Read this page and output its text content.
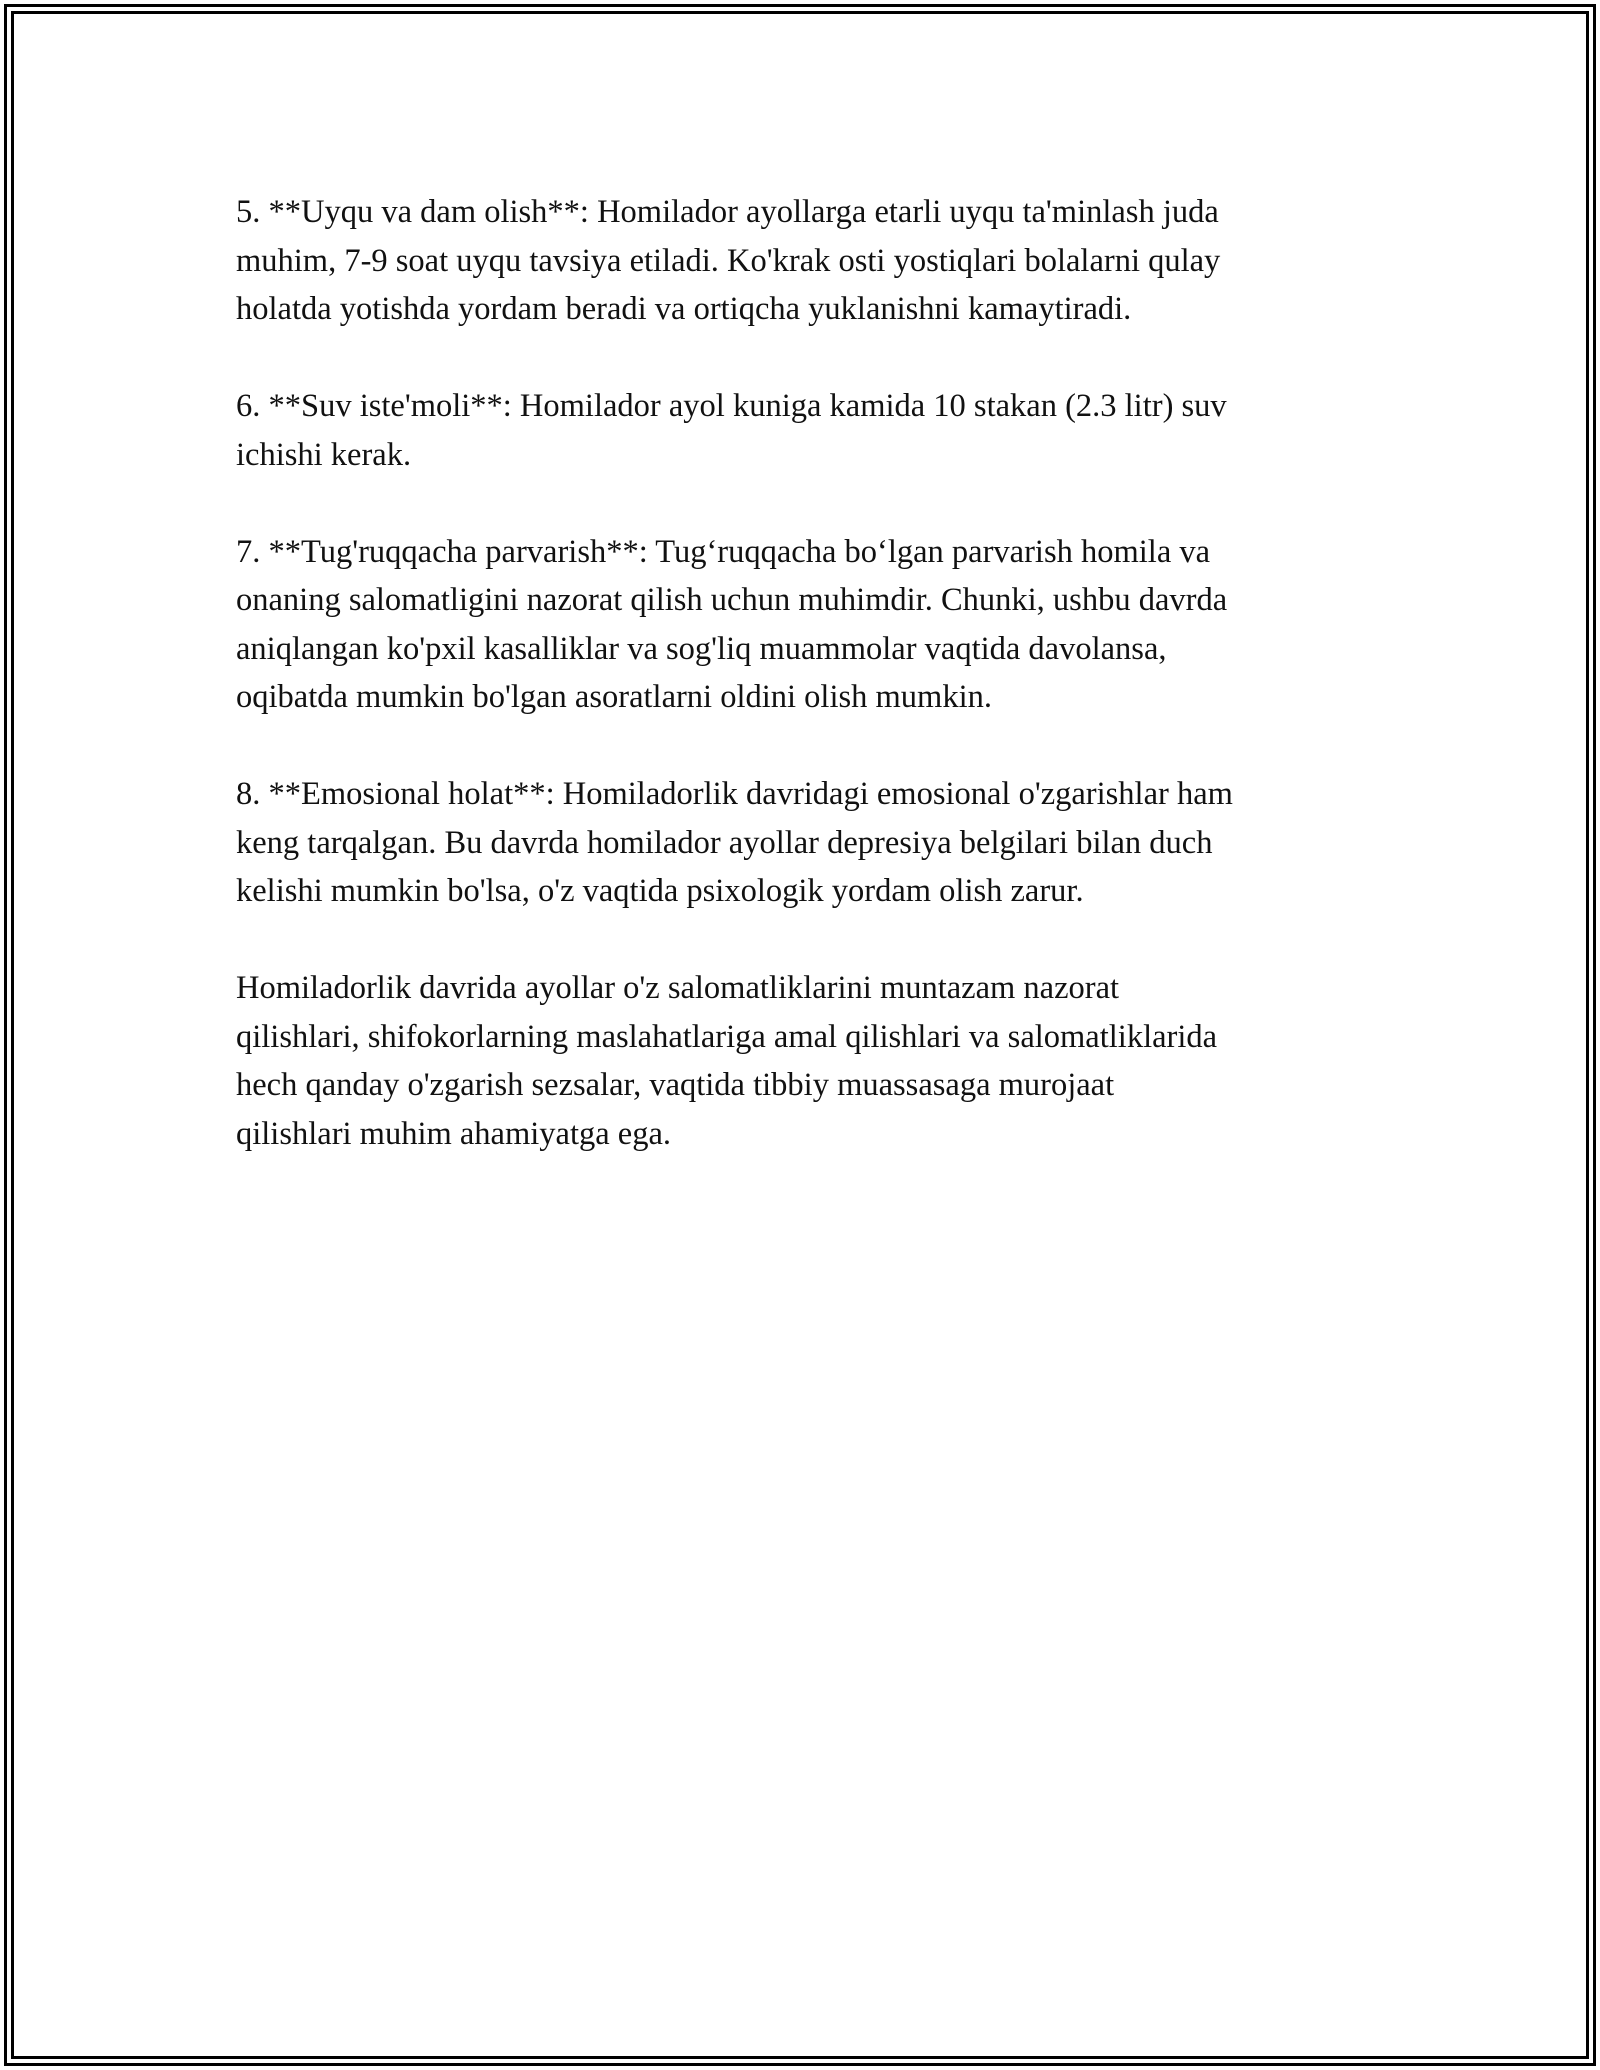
5. **Uyqu va dam olish**: Homilador ayollarga etarli uyqu ta'minlash juda
muhim, 7-9 soat uyqu tavsiya etiladi. Ko'krak osti yostiqlari bolalarni qulay
holatda yotishda yordam beradi va ortiqcha yuklanishni kamaytiradi.

6. **Suv iste'moli**: Homilador ayol kuniga kamida 10 stakan (2.3 litr) suv
ichishi kerak.

7. **Tug'ruqqacha parvarish**: Tug‘ruqqacha bo‘lgan parvarish homila va
onaning salomatligini nazorat qilish uchun muhimdir. Chunki, ushbu davrda
aniqlangan ko'pxil kasalliklar va sog'liq muammolar vaqtida davolansa,
oqibatda mumkin bo'lgan asoratlarni oldini olish mumkin.

8. **Emosional holat**: Homiladorlik davridagi emosional o'zgarishlar ham
keng tarqalgan. Bu davrda homilador ayollar depresiya belgilari bilan duch
kelishi mumkin bo'lsa, o'z vaqtida psixologik yordam olish zarur.

Homiladorlik davrida ayollar o'z salomatliklarini muntazam nazorat
qilishlari, shifokorlarning maslahatlariga amal qilishlari va salomatliklarida
hech qanday o'zgarish sezsalar, vaqtida tibbiy muassasaga murojaat
qilishlari muhim ahamiyatga ega.
